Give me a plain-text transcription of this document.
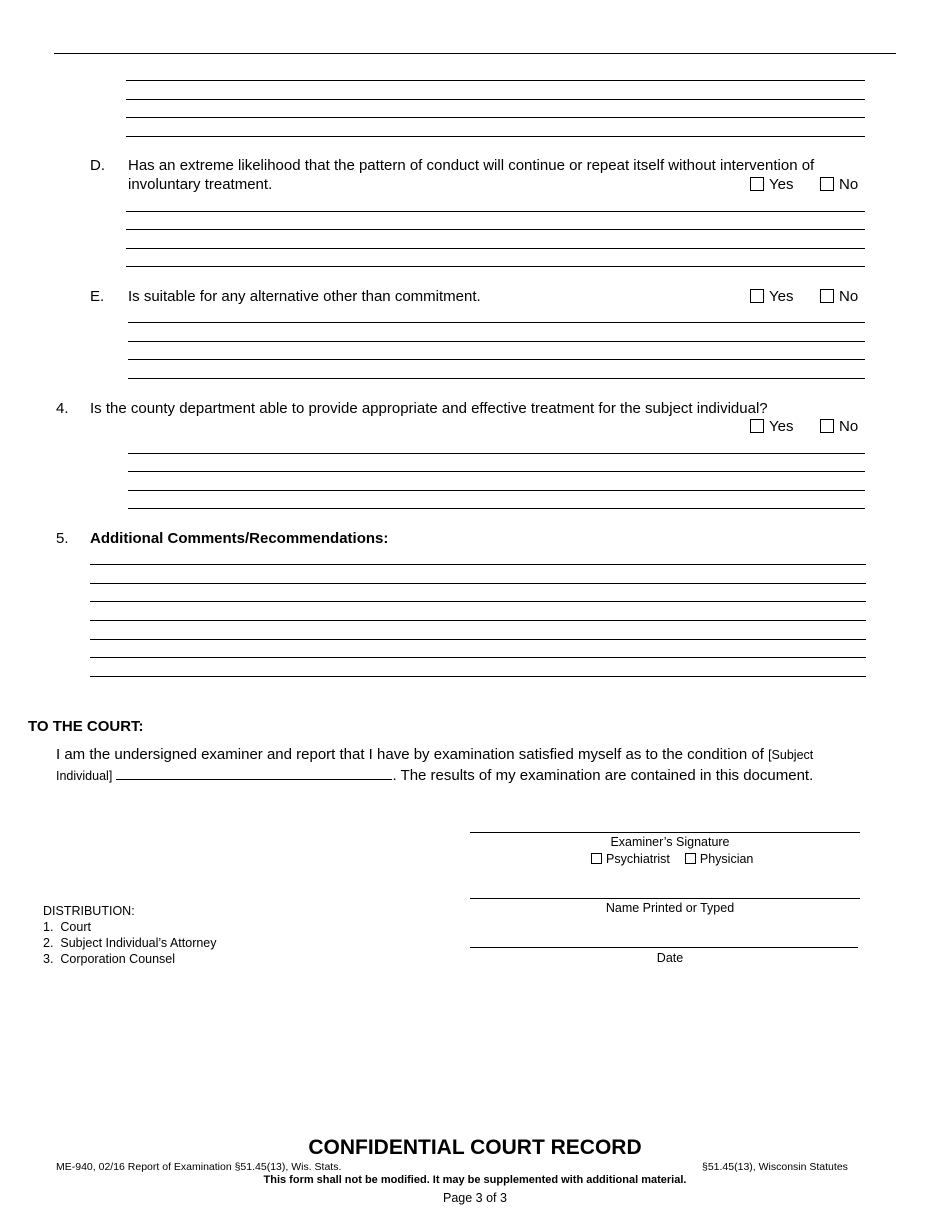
D. Has an extreme likelihood that the pattern of conduct will continue or repeat itself without intervention of
involuntary treatment.	Yes	No
E. Is suitable for any alternative other than commitment.	Yes	No
4. Is the county department able to provide appropriate and effective treatment for the subject individual?
Yes	No
5. Additional Comments/Recommendations:
TO THE COURT:
I am the undersigned examiner and report that I have by examination satisfied myself as to the condition of [Subject
Individual]	. The results of my examination are contained in this document.
Examiner’s Signature
Psychiatrist Physician
Name Printed or Typed
Date
DISTRIBUTION:
1. Court
2. Subject Individual’s Attorney
3. Corporation Counsel
CONFIDENTIAL COURT RECORD
ME-940, 02/16 Report of Examination §51.45(13), Wis. Stats.	§51.45(13), Wisconsin Statutes
This form shall not be modified. It may be supplemented with additional material.
Page 3 of 3
